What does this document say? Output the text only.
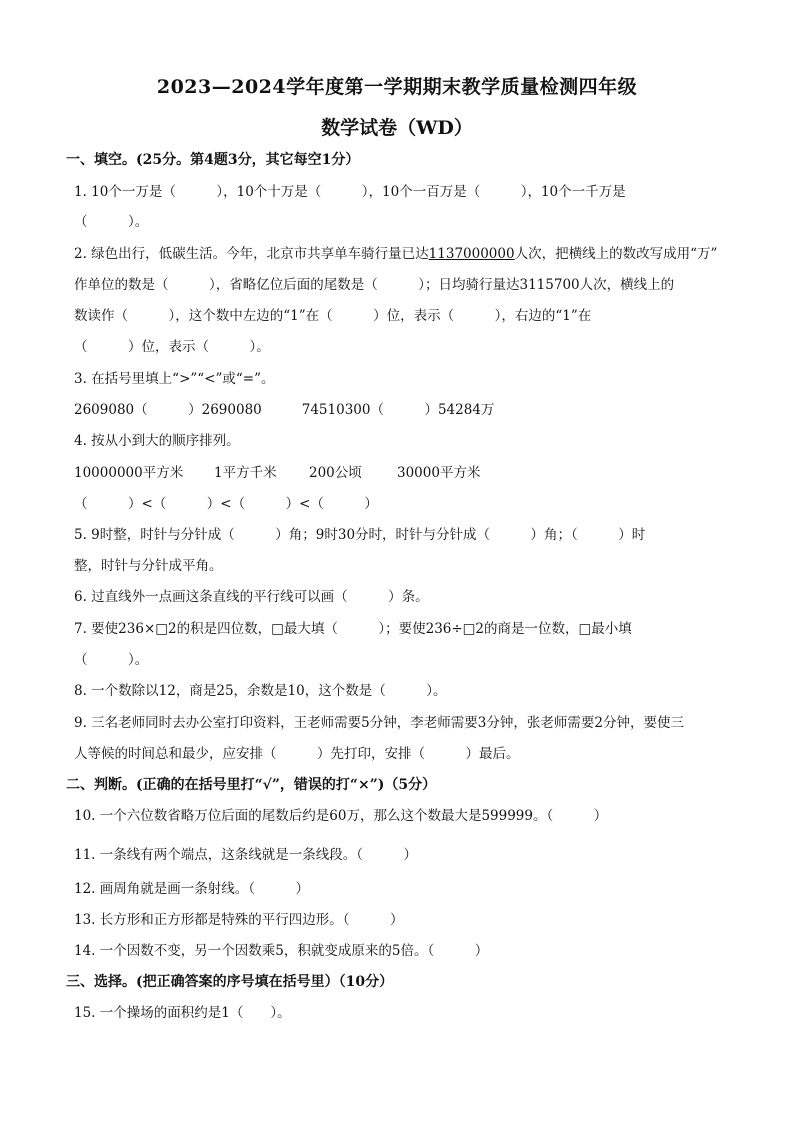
2023—2024学年度第一学期期末教学质量检测四年级
数学试卷（WD）
一、填空。(25分。第4题3分，其它每空1分）
1. 10个一万是（　　　），10个十万是（　　　），10个一百万是（　　　），10个一千万是
（　　　）。
2. 绿色出行，低碳生活。今年，北京市共享单车骑行量已达1137000000人次，把横线上的数改写成用“万”
作单位的数是（　　　），省略亿位后面的尾数是（　　　）；日均骑行量达3115700人次，横线上的
数读作（　　　），这个数中左边的“1”在（　　　）位，表示（　　　），右边的“1”在
（　　　）位，表示（　　　）。
3. 在括号里填上“>”“<”或“=”。
2609080（　　　）2690080	74510300（　　　）54284万
4. 按从小到大的顺序排列。
10000000平方米 1平方千米 200公顷	30000平方米
（　　　）<（　　　）<（　　　）<（　　　）
5. 9时整，时针与分针成（　　　）角；9时30分时，时针与分针成（　　　）角；（　　　）时
整，时针与分针成平角。
6. 过直线外一点画这条直线的平行线可以画（　　　）条。
7. 要使236×□2的积是四位数，□最大填（　　　）；要使236÷□2的商是一位数，□最小填
（　　　）。
8. 一个数除以12，商是25，余数是10，这个数是（　　　）。
9. 三名老师同时去办公室打印资料，王老师需要5分钟，李老师需要3分钟，张老师需要2分钟，要使三
人等候的时间总和最少，应安排（　　　）先打印，安排（　　　）最后。
二、判断。(正确的在括号里打“√”，错误的打“×”)（5分）
10. 一个六位数省略万位后面的尾数后约是60万，那么这个数最大是599999。（　　　）
11. 一条线有两个端点，这条线就是一条线段。（　　　）
12. 画周角就是画一条射线。（　　　）
13. 长方形和正方形都是特殊的平行四边形。（　　　）
14. 一个因数不变，另一个因数乘5，积就变成原来的5倍。（　　　）
三、选择。(把正确答案的序号填在括号里）（10分）
15. 一个操场的面积约是1（　　）。
